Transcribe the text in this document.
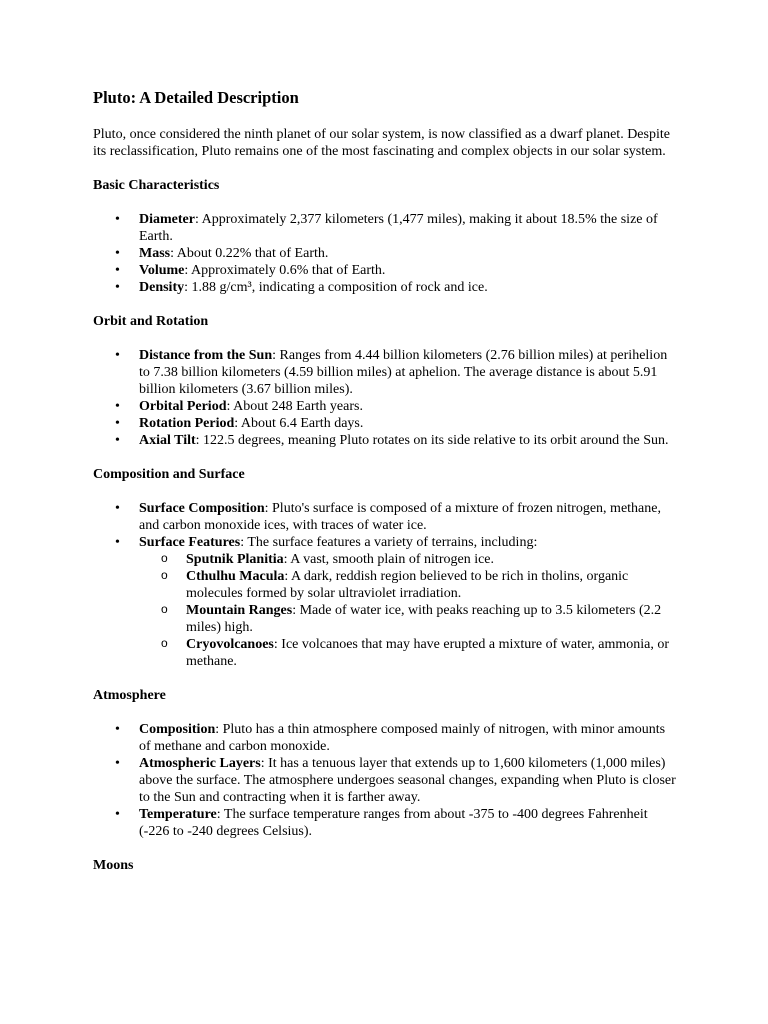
Pluto: A Detailed Description

Pluto, once considered the ninth planet of our solar system, is now classified as a dwarf planet. Despite its reclassification, Pluto remains one of the most fascinating and complex objects in our solar system.

Basic Characteristics
• Diameter: Approximately 2,377 kilometers (1,477 miles), making it about 18.5% the size of Earth.
• Mass: About 0.22% that of Earth.
• Volume: Approximately 0.6% that of Earth.
• Density: 1.88 g/cm³, indicating a composition of rock and ice.
Orbit and Rotation
• Distance from the Sun: Ranges from 4.44 billion kilometers (2.76 billion miles) at perihelion to 7.38 billion kilometers (4.59 billion miles) at aphelion. The average distance is about 5.91 billion kilometers (3.67 billion miles).
• Orbital Period: About 248 Earth years.
• Rotation Period: About 6.4 Earth days.
• Axial Tilt: 122.5 degrees, meaning Pluto rotates on its side relative to its orbit around the Sun.
Composition and Surface
• Surface Composition: Pluto's surface is composed of a mixture of frozen nitrogen, methane, and carbon monoxide ices, with traces of water ice.
• Surface Features: The surface features a variety of terrains, including:
o Sputnik Planitia: A vast, smooth plain of nitrogen ice.
o Cthulhu Macula: A dark, reddish region believed to be rich in tholins, organic molecules formed by solar ultraviolet irradiation.
o Mountain Ranges: Made of water ice, with peaks reaching up to 3.5 kilometers (2.2 miles) high.
o Cryovolcanoes: Ice volcanoes that may have erupted a mixture of water, ammonia, or methane.
Atmosphere
• Composition: Pluto has a thin atmosphere composed mainly of nitrogen, with minor amounts of methane and carbon monoxide.
• Atmospheric Layers: It has a tenuous layer that extends up to 1,600 kilometers (1,000 miles) above the surface. The atmosphere undergoes seasonal changes, expanding when Pluto is closer to the Sun and contracting when it is farther away.
• Temperature: The surface temperature ranges from about -375 to -400 degrees Fahrenheit (-226 to -240 degrees Celsius).
Moons
